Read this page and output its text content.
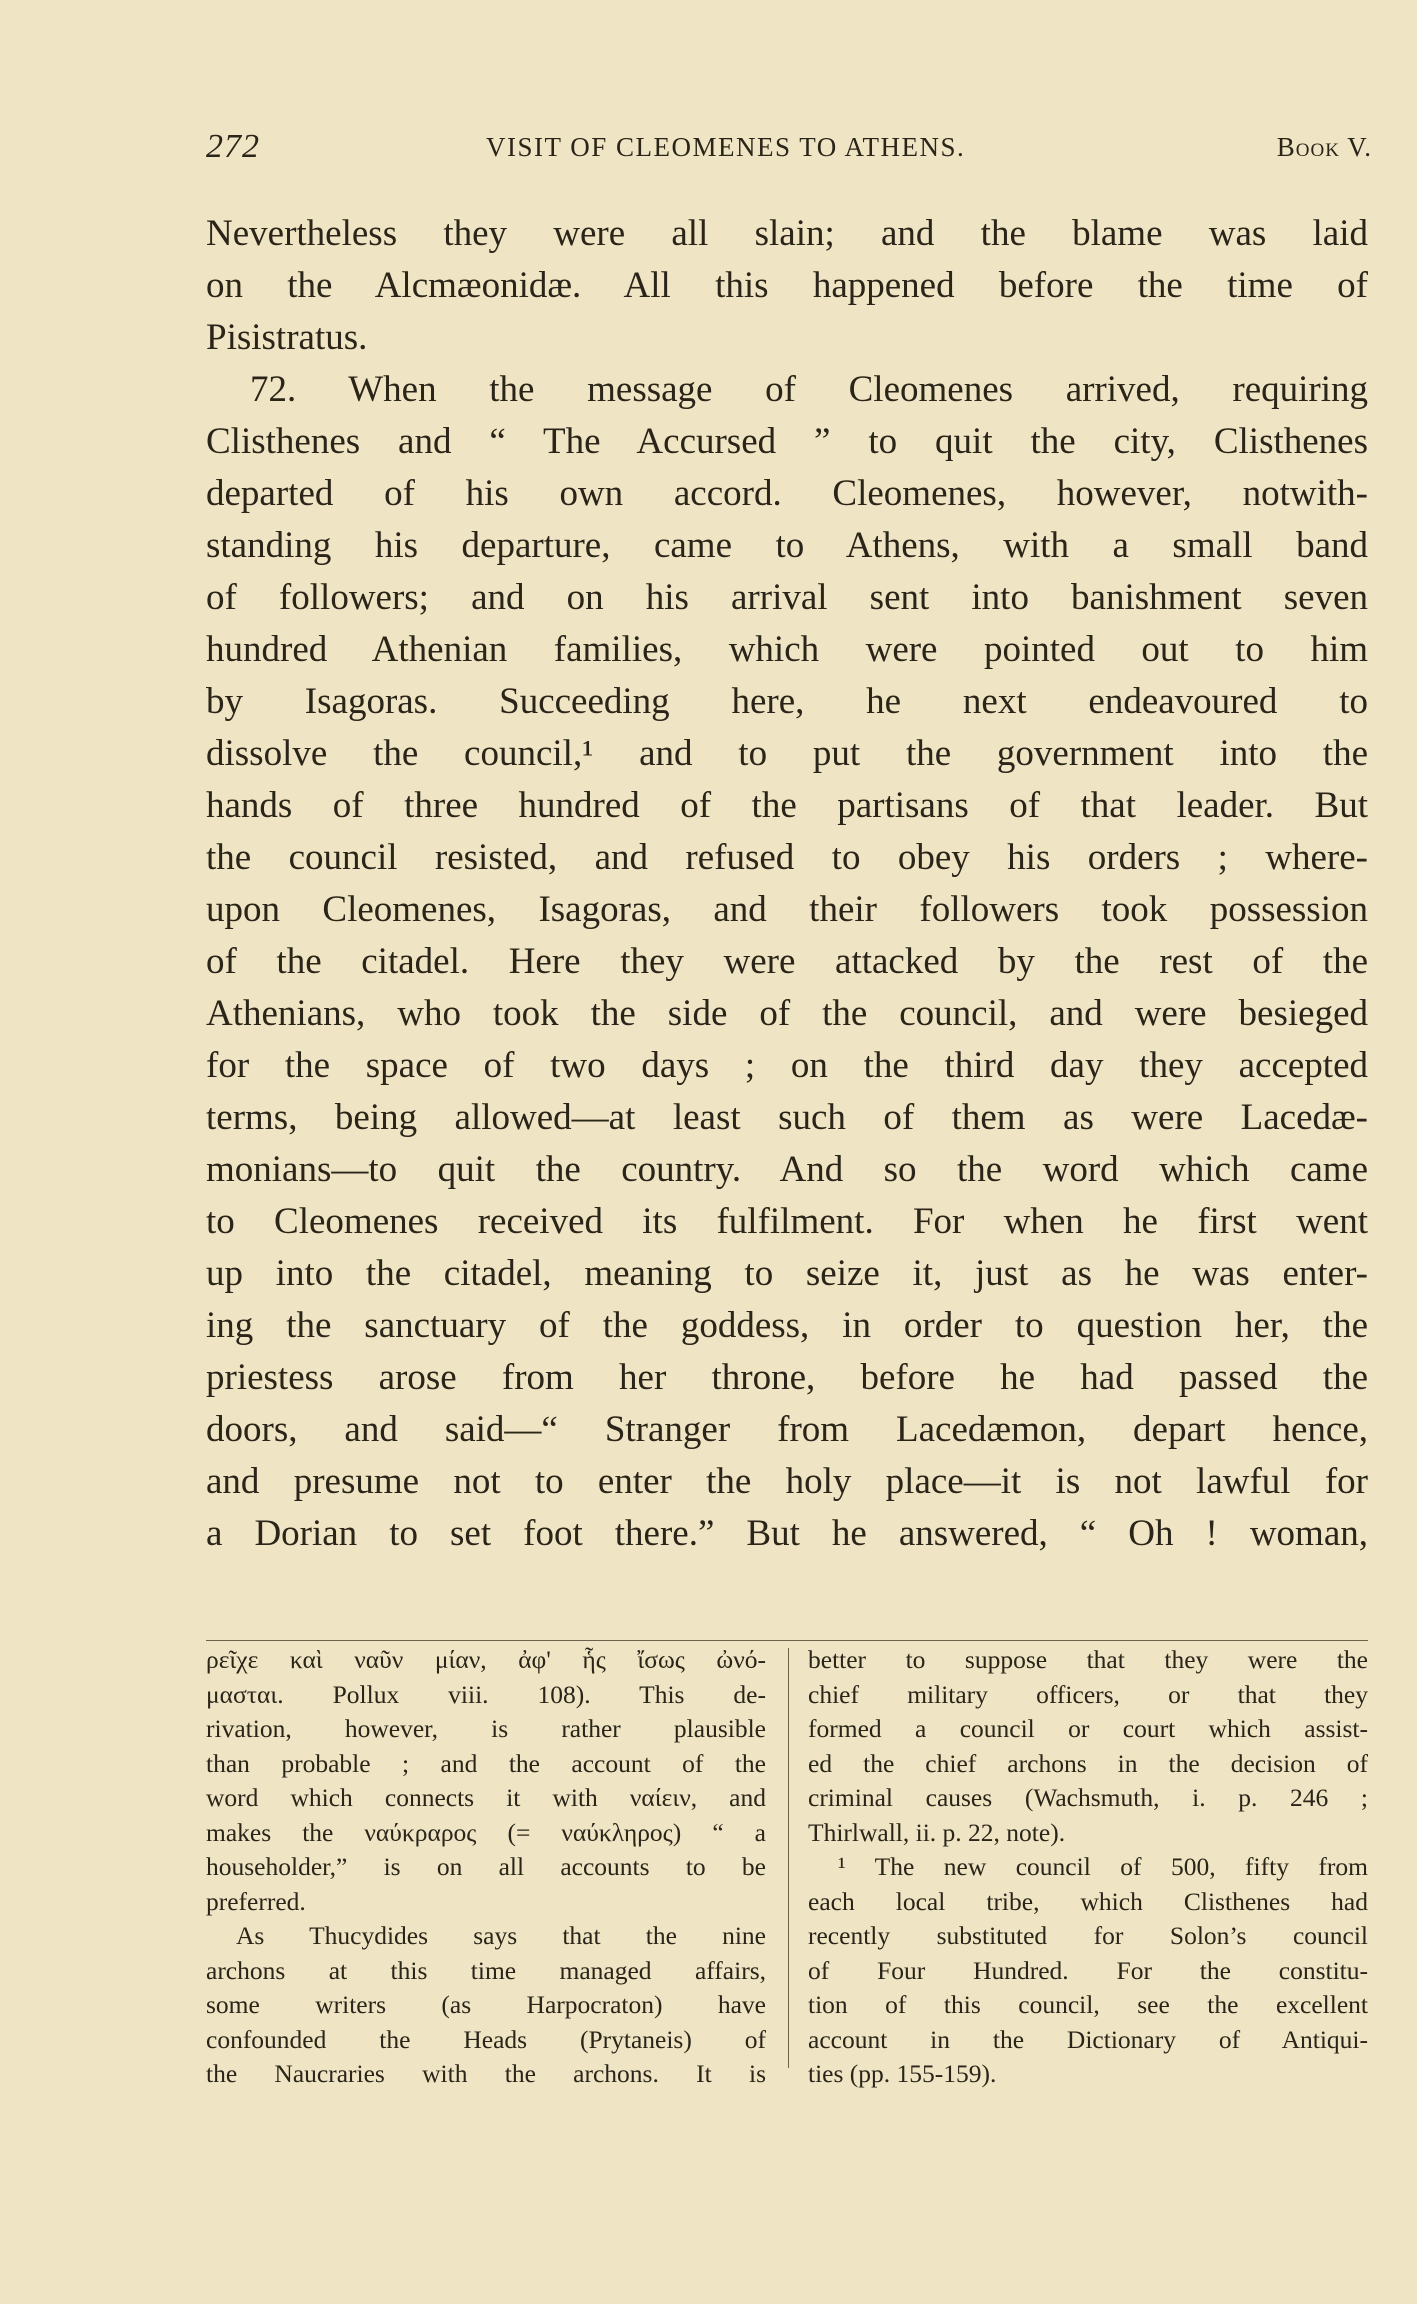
272	VISIT OF CLEOMENES TO ATHENS.	Book V.
Nevertheless they were all slain; and the blame was laid
on the Alcmæonidæ. All this happened before the time of
Pisistratus.
72. When the message of Cleomenes arrived, requiring
Clisthenes and “ The Accursed ” to quit the city, Clisthenes
departed of his own accord. Cleomenes, however, notwith-
standing his departure, came to Athens, with a small band
of followers; and on his arrival sent into banishment seven
hundred Athenian families, which were pointed out to him
by Isagoras. Succeeding here, he next endeavoured to
dissolve the council,¹ and to put the government into the
hands of three hundred of the partisans of that leader. But
the council resisted, and refused to obey his orders ; where-
upon Cleomenes, Isagoras, and their followers took possession
of the citadel. Here they were attacked by the rest of the
Athenians, who took the side of the council, and were besieged
for the space of two days ; on the third day they accepted
terms, being allowed—at least such of them as were Lacedæ-
monians—to quit the country. And so the word which came
to Cleomenes received its fulfilment. For when he first went
up into the citadel, meaning to seize it, just as he was enter-
ing the sanctuary of the goddess, in order to question her, the
priestess arose from her throne, before he had passed the
doors, and said—“ Stranger from Lacedæmon, depart hence,
and presume not to enter the holy place—it is not lawful for
a Dorian to set foot there.” But he answered, “ Oh ! woman,
ρεῖχε καὶ ναῦν μίαν, ἀφ' ἧς ἴσως ὠνό-
μασται. Pollux viii. 108). This de-
rivation, however, is rather plausible
than probable ; and the account of the
word which connects it with ναίειν, and
makes the ναύκραρος (= ναύκληρος) “ a
householder,” is on all accounts to be
preferred.
As Thucydides says that the nine
archons at this time managed affairs,
some writers (as Harpocraton) have
confounded the Heads (Prytaneis) of
the Naucraries with the archons. It is
better to suppose that they were the
chief military officers, or that they
formed a council or court which assist-
ed the chief archons in the decision of
criminal causes (Wachsmuth, i. p. 246 ;
Thirlwall, ii. p. 22, note).
¹ The new council of 500, fifty from
each local tribe, which Clisthenes had
recently substituted for Solon’s council
of Four Hundred. For the constitu-
tion of this council, see the excellent
account in the Dictionary of Antiqui-
ties (pp. 155-159).
